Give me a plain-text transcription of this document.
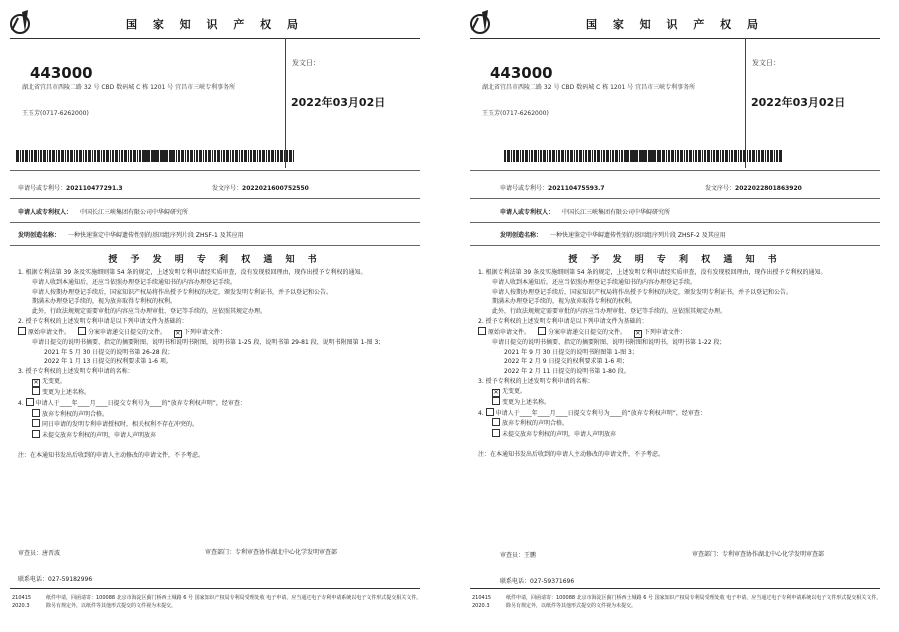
国 家 知 识 产 权 局
443000
湖北省宜昌市西陵二路 32 号 CBD 数码城 C 栋 1201 号 宜昌市三峡专利事务所
王玉芳(0717-6262000)
发文日：
2022年03月02日
申请号或专利号：202110477291.3	发文序号：2022021600752550
申请人或专利权人： 中国长江三峡集团有限公司中华鲟研究所
发明创造名称： 一种快速鉴定中华鲟遗传性别的基因组序列片段 ZHSF-1 及其应用
授 予 发 明 专 利 权 通 知 书

1. 根据专利法第 39 条及实施细则第 54 条的规定，上述发明专利申请经实质审查，没有发现驳回理由，现作出授予专利权的通知。

申请人收到本通知后，还应当依照办理登记手续通知书的内容办理登记手续。

申请人按期办理登记手续后，国家知识产权局将作出授予专利权的决定，颁发发明专利证书，并予以登记和公告。

期满未办理登记手续的，视为放弃取得专利权的权利。

此外，行政法规规定需要审批的内容应当办理审批、登记等手续的，应依照其规定办理。

2. 授予专利权的上述发明专利申请是以下列申请文件为基础的：

原始申请文件。	分案申请递交日提交的文件。 ✕ 下列申请文件：

申请日提交的说明书摘要、指定的摘要附图、说明书和说明书附图，说明书第 1-25 段、说明书第 29-81 段、说明书附图第 1-图 3；

2021 年 5 月 30 日提交的说明书第 26-28 段；

2022 年 1 月 13 日提交的权利要求第 1-6 项。

3. 授予专利权的上述发明专利申请的名称：

✕ 无变更。

变更为上述名称。

4. 申请人于____年____月____日提交专利号为____的“放弃专利权声明”，经审查：

放弃专利权的声明合格。

同日申请的发明专利申请授权时，相关权利不存在冲突的。

未提交放弃专利权的声明，申请人声明放弃

注：在本通知书发出后收到的申请人主动修改的申请文件，不予考虑。

审查员：唐晋波	审查部门：专利审查协作湖北中心化学发明审查部
联系电话：027-59182996
210415
2020.3
纸件申请，回函请寄：100088 北京市海淀区蓟门桥西土城路 6 号 国家知识产权局专利局受理处收 电子申请，应当通过电子专利申请系统以电子文件形式提交相关文件。除另有规定外，以纸件等其他形式提交的文件视为未提交。
国 家 知 识 产 权 局
443000
湖北省宜昌市西陵二路 32 号 CBD 数码城 C 栋 1201 号 宜昌市三峡专利事务所
王玉芳(0717-6262000)
发文日：
2022年03月02日
申请号或专利号：202110475593.7	发文序号：2022022801863920
申请人或专利权人： 中国长江三峡集团有限公司中华鲟研究所
发明创造名称： 一种快速鉴定中华鲟遗传性别的基因组序列片段 ZHSF-2 及其应用
授 予 发 明 专 利 权 通 知 书

1. 根据专利法第 39 条及实施细则第 54 条的规定，上述发明专利申请经实质审查，没有发现驳回理由，现作出授予专利权的通知。

申请人收到本通知后，还应当依照办理登记手续通知书的内容办理登记手续。

申请人按期办理登记手续后，国家知识产权局将作出授予专利权的决定，颁发发明专利证书，并予以登记和公告。

期满未办理登记手续的，视为放弃取得专利权的权利。

此外，行政法规规定需要审批的内容应当办理审批、登记等手续的，应依照其规定办理。

2. 授予专利权的上述发明专利申请是以下列申请文件为基础的：

原始申请文件。	分案申请递交日提交的文件。 ✕ 下列申请文件：

申请日提交的说明书摘要、指定的摘要附图、说明书附图和说明书，说明书第 1-22 段；

2021 年 9 月 30 日提交的说明书附图第 1-图 3；

2022 年 2 月 9 日提交的权利要求第 1-6 项；

2022 年 2 月 11 日提交的说明书第 1-80 段。

3. 授予专利权的上述发明专利申请的名称：

✕ 无变更。

变更为上述名称。

4. 申请人于____年____月____日提交专利号为____的“放弃专利权声明”，经审查：

放弃专利权的声明合格。

未提交放弃专利权的声明，申请人声明放弃

注：在本通知书发出后收到的申请人主动修改的申请文件，不予考虑。

审查员：王鹏	审查部门：专利审查协作湖北中心化学发明审查部
联系电话：027-59371696
210415
2020.3
纸件申请，回函请寄：100088 北京市海淀区蓟门桥西土城路 6 号 国家知识产权局专利局受理处收 电子申请，应当通过电子专利申请系统以电子文件形式提交相关文件。除另有规定外，以纸件等其他形式提交的文件视为未提交。
